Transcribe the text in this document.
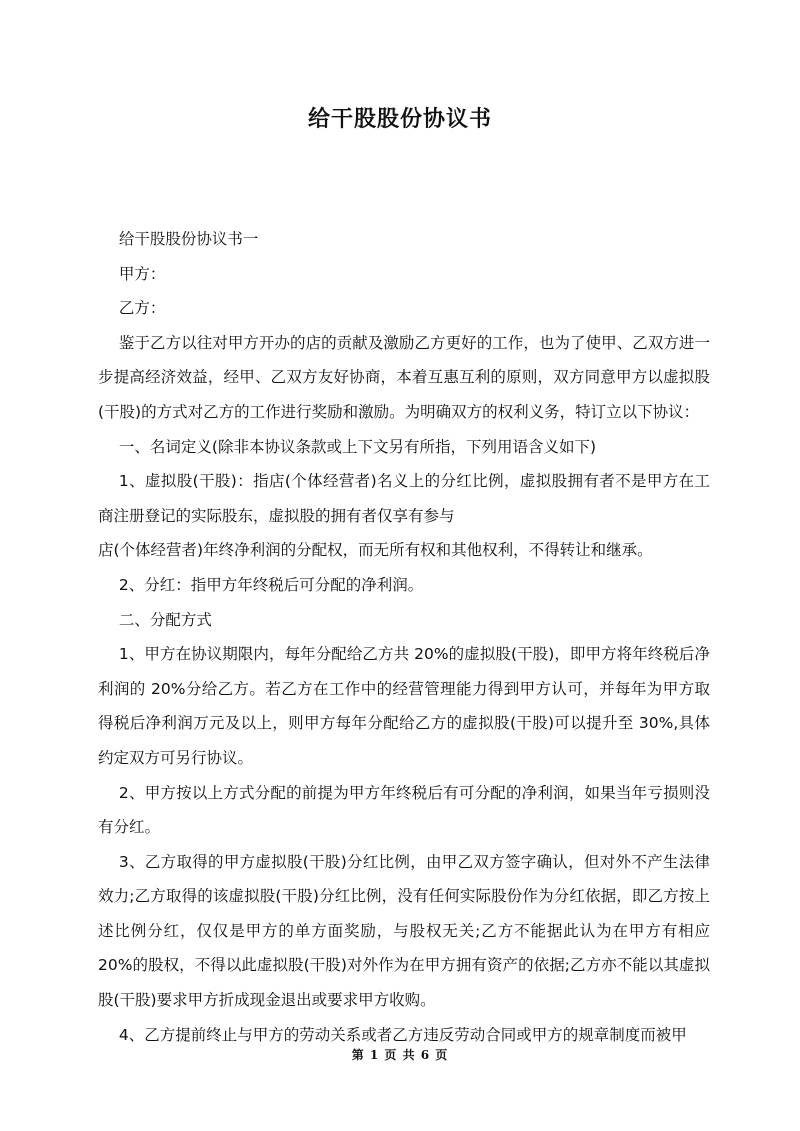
给干股股份协议书

给干股股份协议书一

甲方：

乙方：

鉴于乙方以往对甲方开办的店的贡献及激励乙方更好的工作，也为了使甲、乙双方进一步提高经济效益，经甲、乙双方友好协商，本着互惠互利的原则，双方同意甲方以虚拟股(干股)的方式对乙方的工作进行奖励和激励。为明确双方的权利义务，特订立以下协议：

一、名词定义(除非本协议条款或上下文另有所指，下列用语含义如下)

1、虚拟股(干股)：指店(个体经营者)名义上的分红比例，虚拟股拥有者不是甲方在工商注册登记的实际股东，虚拟股的拥有者仅享有参与

店(个体经营者)年终净利润的分配权，而无所有权和其他权利，不得转让和继承。

2、分红：指甲方年终税后可分配的净利润。

二、分配方式

1、甲方在协议期限内，每年分配给乙方共 20%的虚拟股(干股)，即甲方将年终税后净利润的 20%分给乙方。若乙方在工作中的经营管理能力得到甲方认可，并每年为甲方取得税后净利润万元及以上，则甲方每年分配给乙方的虚拟股(干股)可以提升至 30%,具体约定双方可另行协议。

2、甲方按以上方式分配的前提为甲方年终税后有可分配的净利润，如果当年亏损则没有分红。

3、乙方取得的甲方虚拟股(干股)分红比例，由甲乙双方签字确认，但对外不产生法律效力;乙方取得的该虚拟股(干股)分红比例，没有任何实际股份作为分红依据，即乙方按上述比例分红，仅仅是甲方的单方面奖励，与股权无关;乙方不能据此认为在甲方有相应 20%的股权，不得以此虚拟股(干股)对外作为在甲方拥有资产的依据;乙方亦不能以其虚拟股(干股)要求甲方折成现金退出或要求甲方收购。

4、乙方提前终止与甲方的劳动关系或者乙方违反劳动合同或甲方的规章制度而被甲

第 1 页 共 6 页
